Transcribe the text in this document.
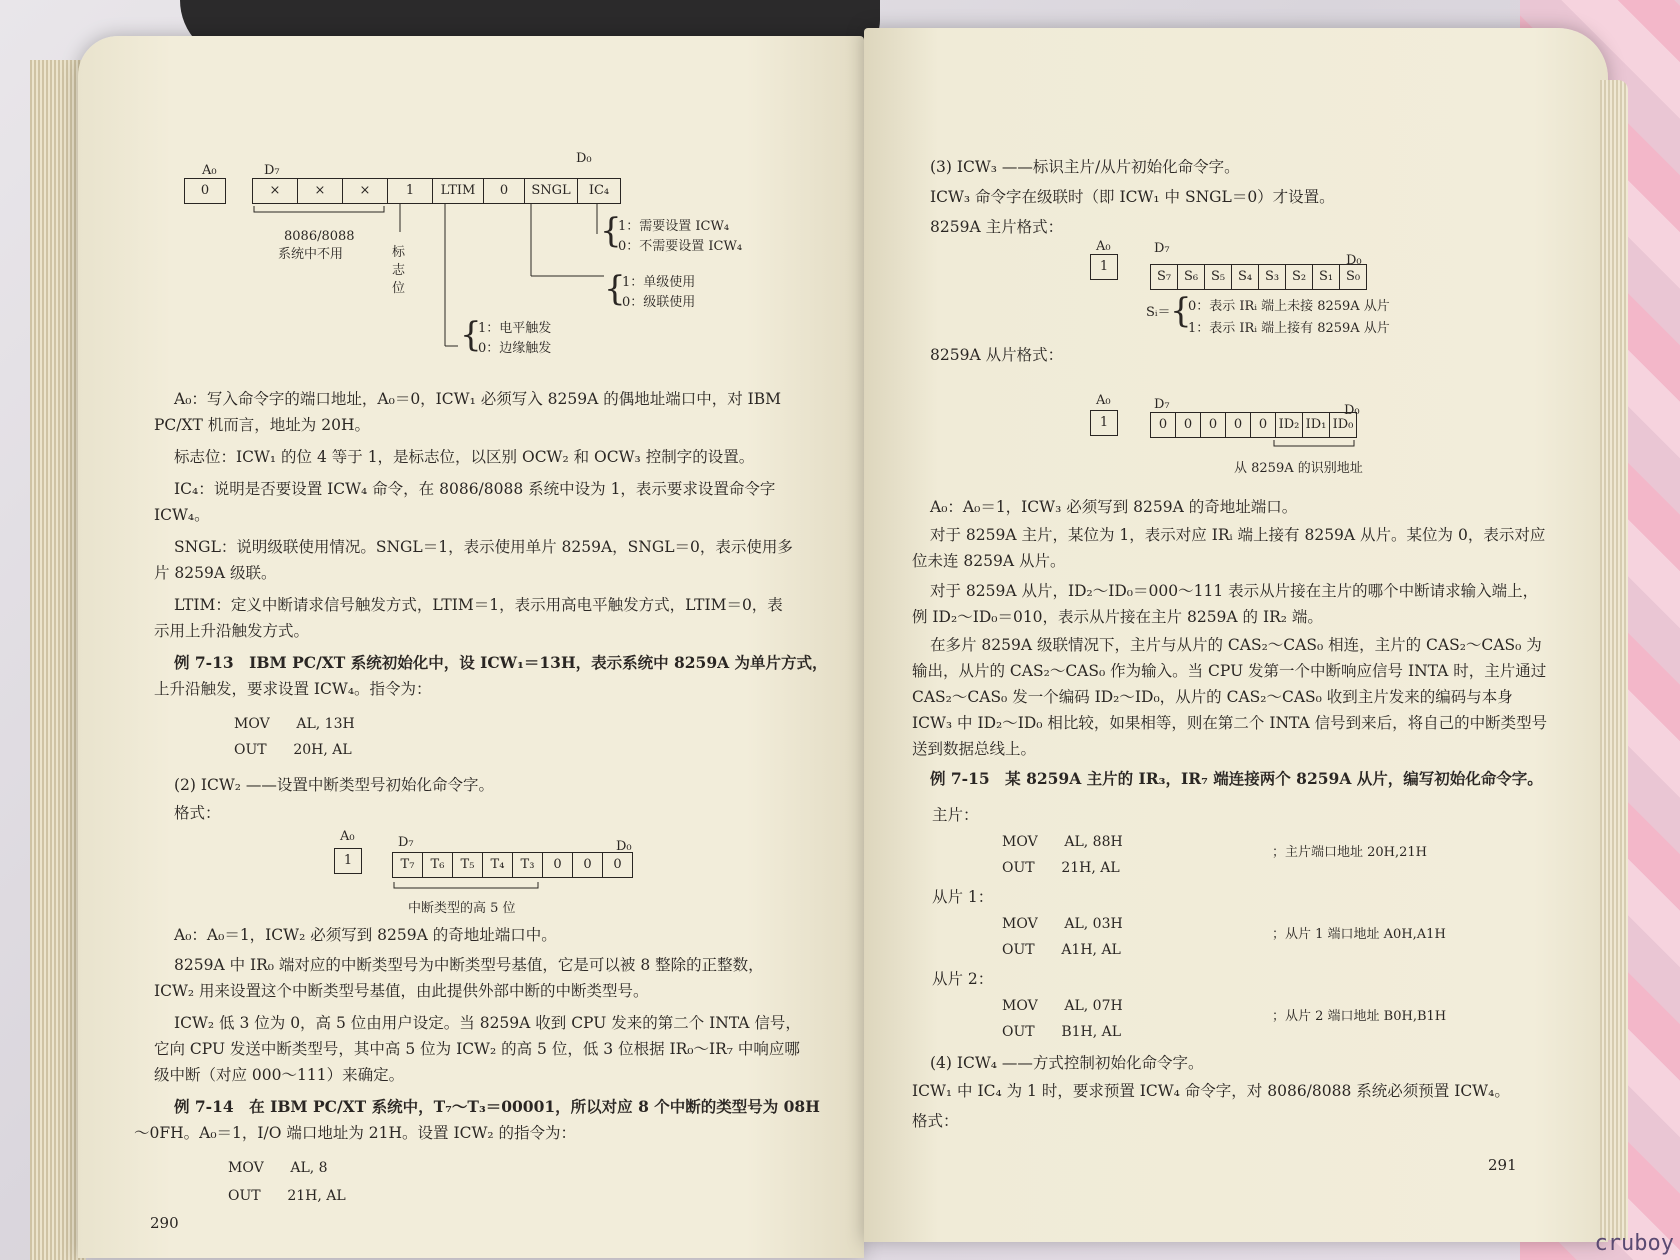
A₀
0
D₇
D₀
×	×	×	1	LTIM	0	SNGL	IC₄
8086/8088
系统中不用	标
志
位
{
1：需要设置 ICW₄
0：不需要设置 ICW₄
{
1：单级使用
0：级联使用
{
1：电平触发
0：边缘触发
A₀：写入命令字的端口地址，A₀＝0，ICW₁ 必须写入 8259A 的偶地址端口中，对 IBM
PC/XT 机而言，地址为 20H。
标志位：ICW₁ 的位 4 等于 1，是标志位，以区别 OCW₂ 和 OCW₃ 控制字的设置。
IC₄：说明是否要设置 ICW₄ 命令，在 8086/8088 系统中设为 1，表示要求设置命令字
ICW₄。
SNGL：说明级联使用情况。SNGL＝1，表示使用单片 8259A，SNGL＝0，表示使用多
片 8259A 级联。
LTIM：定义中断请求信号触发方式，LTIM＝1，表示用高电平触发方式，LTIM＝0，表
示用上升沿触发方式。
例 7-13　IBM PC/XT 系统初始化中，设 ICW₁＝13H，表示系统中 8259A 为单片方式，
上升沿触发，要求设置 ICW₄。指令为：
MOV      AL, 13H
OUT      20H, AL
(2) ICW₂ ——设置中断类型号初始化命令字。
格式：
A₀
1
D₇	D₀
T₇	T₆	T₅	T₄	T₃	0	0	0
中断类型的高 5 位
A₀：A₀＝1，ICW₂ 必须写到 8259A 的奇地址端口中。
8259A 中 IR₀ 端对应的中断类型号为中断类型号基值，它是可以被 8 整除的正整数，
ICW₂ 用来设置这个中断类型号基值，由此提供外部中断的中断类型号。
ICW₂ 低 3 位为 0，高 5 位由用户设定。当 8259A 收到 CPU 发来的第二个 INTA 信号，
它向 CPU 发送中断类型号，其中高 5 位为 ICW₂ 的高 5 位，低 3 位根据 IR₀～IR₇ 中响应哪
级中断（对应 000～111）来确定。
例 7-14　在 IBM PC/XT 系统中，T₇～T₃＝00001，所以对应 8 个中断的类型号为 08H
～0FH。A₀＝1，I/O 端口地址为 21H。设置 ICW₂ 的指令为：
MOV      AL, 8
OUT      21H, AL
290
(3) ICW₃ ——标识主片/从片初始化命令字。
ICW₃ 命令字在级联时（即 ICW₁ 中 SNGL＝0）才设置。
8259A 主片格式：
A₀
1
D₇
D₀
S₇ S₆ S₅ S₄ S₃ S₂ S₁ S₀
Sᵢ＝ {
0：表示 IRᵢ 端上未接 8259A 从片
1：表示 IRᵢ 端上接有 8259A 从片
8259A 从片格式：
A₀
1
D₇	D₀
0	0	0	0	0 ID₂ ID₁ ID₀
从 8259A 的识别地址
A₀：A₀＝1，ICW₃ 必须写到 8259A 的奇地址端口。
对于 8259A 主片，某位为 1，表示对应 IRᵢ 端上接有 8259A 从片。某位为 0，表示对应
位未连 8259A 从片。
对于 8259A 从片，ID₂～ID₀＝000～111 表示从片接在主片的哪个中断请求输入端上，
例 ID₂～ID₀＝010，表示从片接在主片 8259A 的 IR₂ 端。
在多片 8259A 级联情况下，主片与从片的 CAS₂～CAS₀ 相连，主片的 CAS₂～CAS₀ 为
输出，从片的 CAS₂～CAS₀ 作为输入。当 CPU 发第一个中断响应信号 INTA 时，主片通过
CAS₂～CAS₀ 发一个编码 ID₂～ID₀，从片的 CAS₂～CAS₀ 收到主片发来的编码与本身
ICW₃ 中 ID₂～ID₀ 相比较，如果相等，则在第二个 INTA 信号到来后，将自己的中断类型号
送到数据总线上。
例 7-15　某 8259A 主片的 IR₃，IR₇ 端连接两个 8259A 从片，编写初始化命令字。
主片：
MOV      AL, 88H
OUT      21H, AL
；主片端口地址 20H,21H
从片 1：
MOV      AL, 03H
OUT      A1H, AL
；从片 1 端口地址 A0H,A1H
从片 2：
MOV      AL, 07H
OUT      B1H, AL
；从片 2 端口地址 B0H,B1H
(4) ICW₄ ——方式控制初始化命令字。
ICW₁ 中 IC₄ 为 1 时，要求预置 ICW₄ 命令字，对 8086/8088 系统必须预置 ICW₄。
格式：
291
cruboy
